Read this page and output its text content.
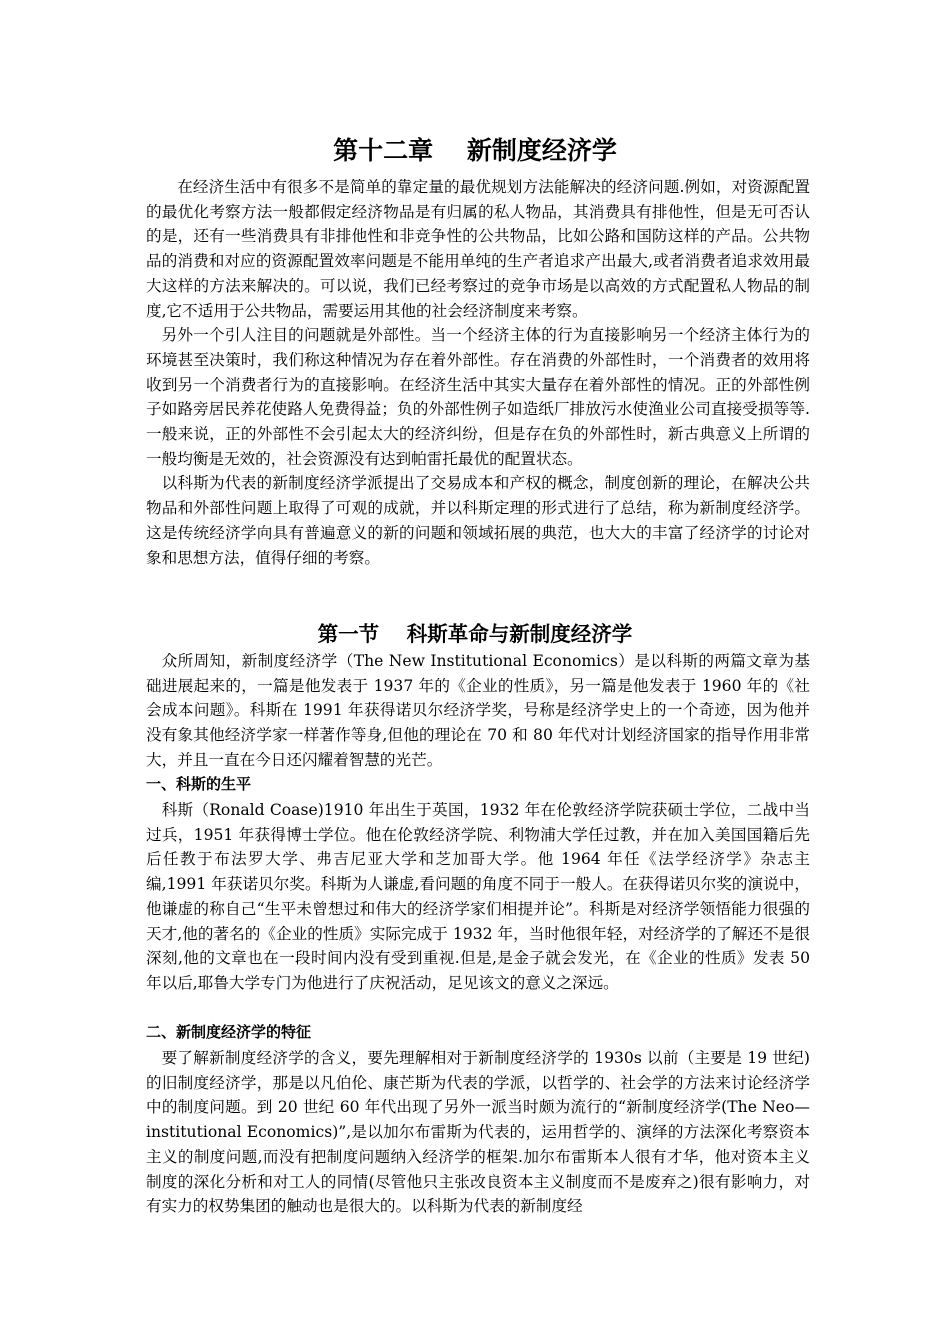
第十二章　 新制度经济学

在经济生活中有很多不是简单的靠定量的最优规划方法能解决的经济问题.例如，对资源配置的最优化考察方法一般都假定经济物品是有归属的私人物品，其消费具有排他性，但是无可否认的是，还有一些消费具有非排他性和非竞争性的公共物品，比如公路和国防这样的产品。公共物品的消费和对应的资源配置效率问题是不能用单纯的生产者追求产出最大,或者消费者追求效用最大这样的方法来解决的。可以说，我们已经考察过的竞争市场是以高效的方式配置私人物品的制度,它不适用于公共物品，需要运用其他的社会经济制度来考察。

另外一个引人注目的问题就是外部性。当一个经济主体的行为直接影响另一个经济主体行为的环境甚至决策时，我们称这种情况为存在着外部性。存在消费的外部性时，一个消费者的效用将收到另一个消费者行为的直接影响。在经济生活中其实大量存在着外部性的情况。正的外部性例子如路旁居民养花使路人免费得益；负的外部性例子如造纸厂排放污水使渔业公司直接受损等等.一般来说，正的外部性不会引起太大的经济纠纷，但是存在负的外部性时，新古典意义上所谓的一般均衡是无效的，社会资源没有达到帕雷托最优的配置状态。

以科斯为代表的新制度经济学派提出了交易成本和产权的概念，制度创新的理论，在解决公共物品和外部性问题上取得了可观的成就，并以科斯定理的形式进行了总结，称为新制度经济学。这是传统经济学向具有普遍意义的新的问题和领域拓展的典范，也大大的丰富了经济学的讨论对象和思想方法，值得仔细的考察。

第一节　 科斯革命与新制度经济学

众所周知，新制度经济学（The New Institutional Economics）是以科斯的两篇文章为基础进展起来的，一篇是他发表于 1937 年的《企业的性质》，另一篇是他发表于 1960 年的《社会成本问题》。科斯在 1991 年获得诺贝尔经济学奖，号称是经济学史上的一个奇迹，因为他并没有象其他经济学家一样著作等身,但他的理论在 70 和 80 年代对计划经济国家的指导作用非常大，并且一直在今日还闪耀着智慧的光芒。

一、科斯的生平

科斯（Ronald Coase)1910 年出生于英国，1932 年在伦敦经济学院获硕士学位，二战中当过兵，1951 年获得博士学位。他在伦敦经济学院、利物浦大学任过教，并在加入美国国籍后先后任教于布法罗大学、弗吉尼亚大学和芝加哥大学。他 1964 年任《法学经济学》杂志主编,1991 年获诺贝尔奖。科斯为人谦虚,看问题的角度不同于一般人。在获得诺贝尔奖的演说中，他谦虚的称自己“生平未曾想过和伟大的经济学家们相提并论”。科斯是对经济学领悟能力很强的天才,他的著名的《企业的性质》实际完成于 1932 年，当时他很年轻，对经济学的了解还不是很深刻,他的文章也在一段时间内没有受到重视.但是,是金子就会发光，在《企业的性质》发表 50 年以后,耶鲁大学专门为他进行了庆祝活动，足见该文的意义之深远。

二、新制度经济学的特征

要了解新制度经济学的含义，要先理解相对于新制度经济学的 1930s 以前（主要是 19 世纪)的旧制度经济学，那是以凡伯伦、康芒斯为代表的学派，以哲学的、社会学的方法来讨论经济学中的制度问题。到 20 世纪 60 年代出现了另外一派当时颇为流行的“新制度经济学(The Neo—institutional Economics)”,是以加尔布雷斯为代表的，运用哲学的、演绎的方法深化考察资本主义的制度问题,而没有把制度问题纳入经济学的框架.加尔布雷斯本人很有才华，他对资本主义制度的深化分析和对工人的同情(尽管他只主张改良资本主义制度而不是废弃之)很有影响力，对有实力的权势集团的触动也是很大的。以科斯为代表的新制度经
